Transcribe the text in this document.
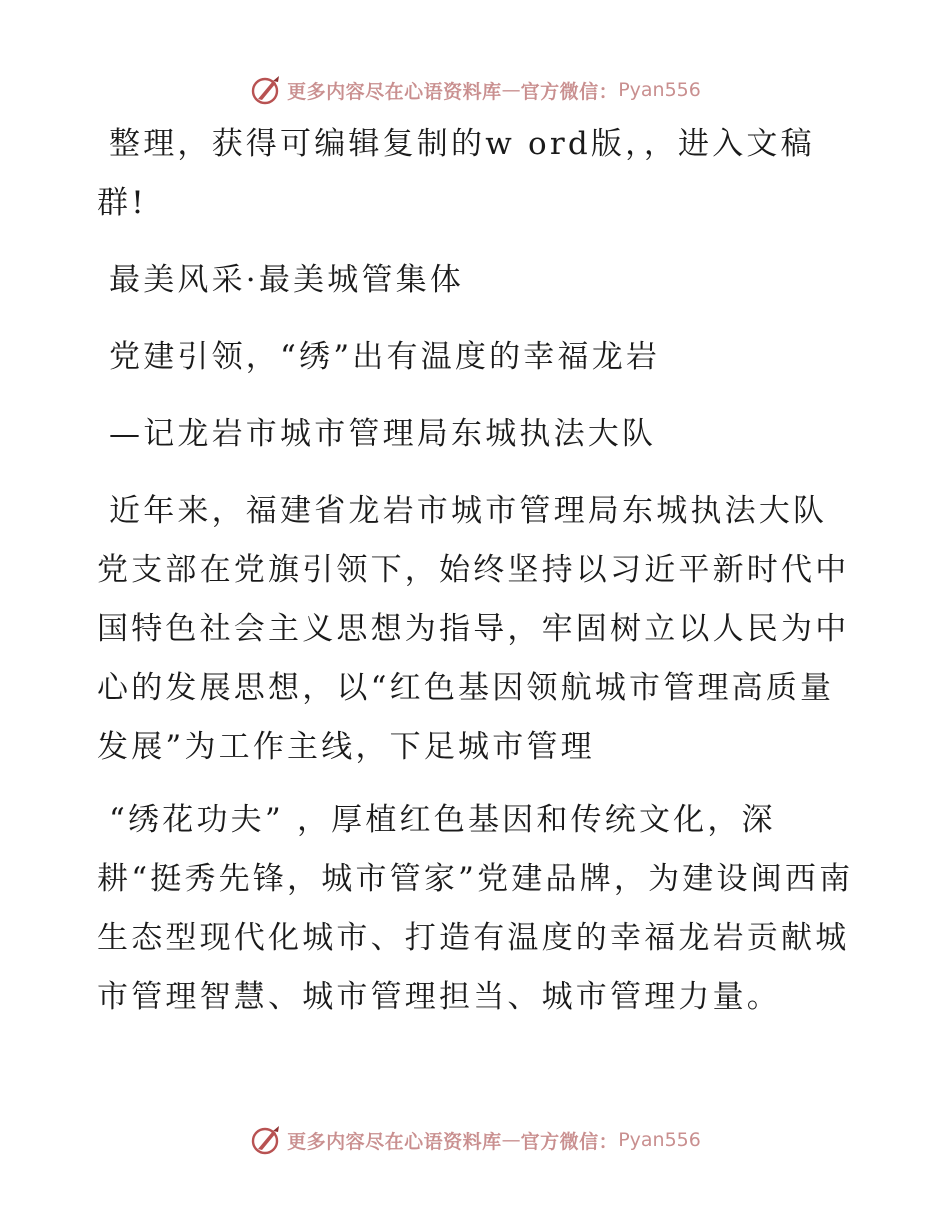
更多内容尽在心语资料库 — 官方微信： Pyan556

整理，获得可编辑复制的w ord版，，进入文稿群!

最美风采·最美城管集体

党建引领，“绣”出有温度的幸福龙岩

—记龙岩市城市管理局东城执法大队

近年来，福建省龙岩市城市管理局东城执法大队党支部在党旗引领下，始终坚持以习近平新时代中国特色社会主义思想为指导，牢固树立以人民为中心的发展思想，以“红色基因领航城市管理高质量发展”为工作主线，下足城市管理

“绣花功夫” ，厚植红色基因和传统文化，深耕“挺秀先锋，城市管家”党建品牌，为建设闽西南生态型现代化城市、打造有温度的幸福龙岩贡献城市管理智慧、城市管理担当、城市管理力量。

更多内容尽在心语资料库 — 官方微信： Pyan556
